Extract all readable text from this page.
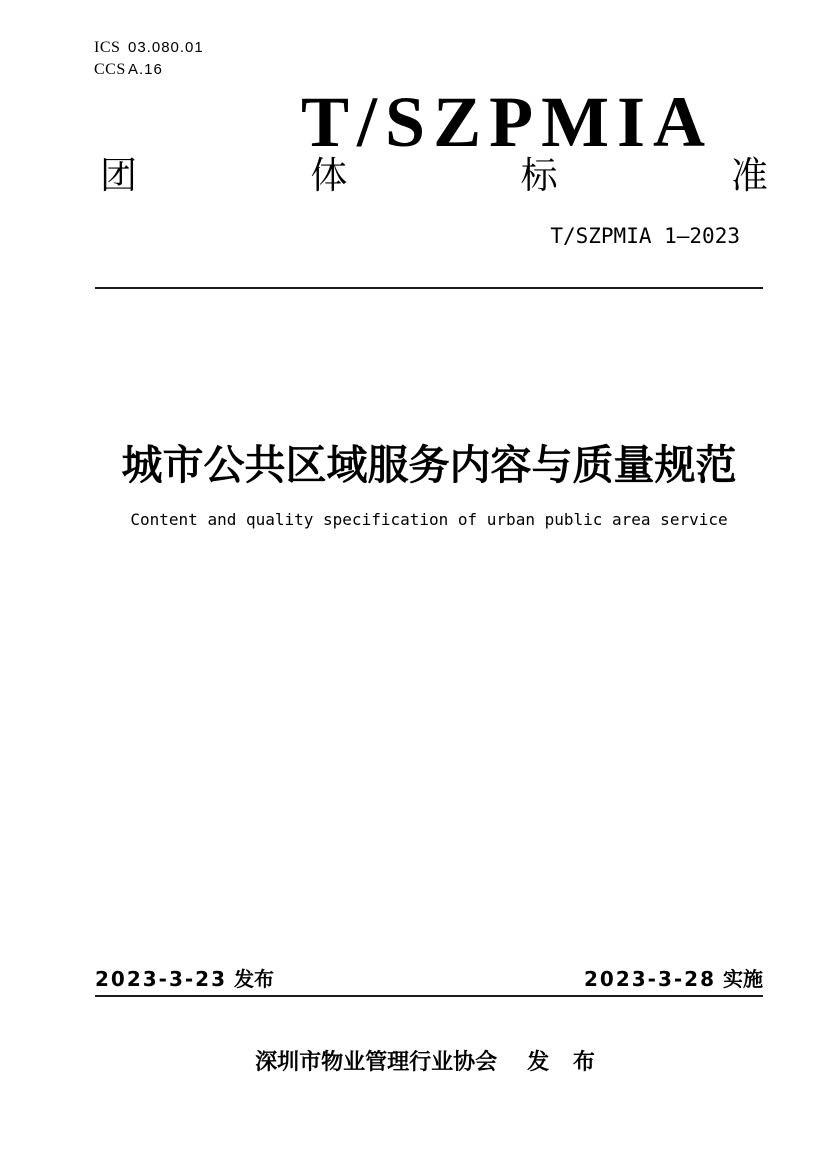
ICS 03.080.01
CCS A.16
T/SZPMIA
团	体	标	准
T/SZPMIA 1—2023
城市公共区域服务内容与质量规范
Content and quality specification of urban public area service
2023-3-23 发布	2023-3-28 实施
深圳市物业管理行业协会 发 布
